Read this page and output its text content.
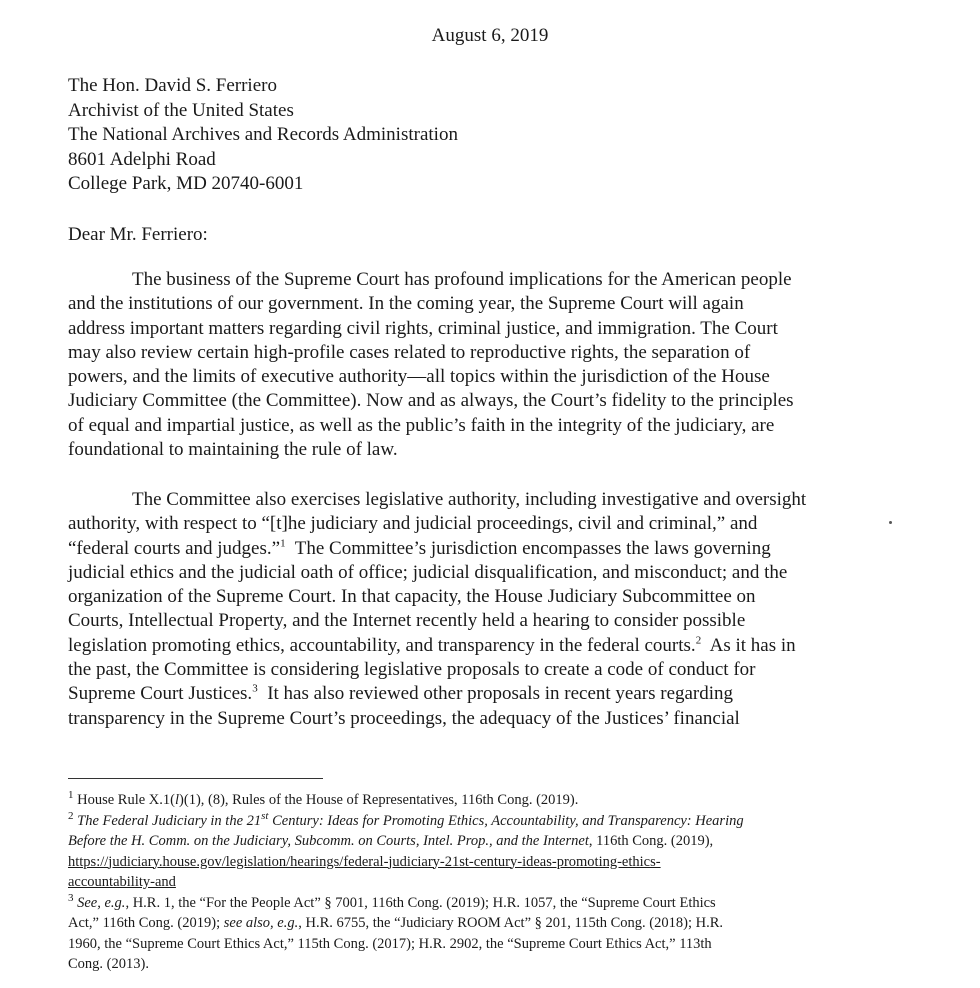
August 6, 2019
The Hon. David S. Ferriero
Archivist of the United States
The National Archives and Records Administration
8601 Adelphi Road
College Park, MD 20740-6001
Dear Mr. Ferriero:

The business of the Supreme Court has profound implications for the American people
and the institutions of our government. In the coming year, the Supreme Court will again
address important matters regarding civil rights, criminal justice, and immigration. The Court
may also review certain high-profile cases related to reproductive rights, the separation of
powers, and the limits of executive authority—all topics within the jurisdiction of the House
Judiciary Committee (the Committee). Now and as always, the Court’s fidelity to the principles
of equal and impartial justice, as well as the public’s faith in the integrity of the judiciary, are
foundational to maintaining the rule of law.

The Committee also exercises legislative authority, including investigative and oversight
authority, with respect to “[t]he judiciary and judicial proceedings, civil and criminal,” and
“federal courts and judges.”$^1$  The Committee’s jurisdiction encompasses the laws governing
judicial ethics and the judicial oath of office; judicial disqualification, and misconduct; and the
organization of the Supreme Court. In that capacity, the House Judiciary Subcommittee on
Courts, Intellectual Property, and the Internet recently held a hearing to consider possible
legislation promoting ethics, accountability, and transparency in the federal courts.$^2$  As it has in
the past, the Committee is considering legislative proposals to create a code of conduct for
Supreme Court Justices.$^3$  It has also reviewed other proposals in recent years regarding
transparency in the Supreme Court’s proceedings, the adequacy of the Justices’ financial

$^1$ House Rule X.1(l)(1), (8), Rules of the House of Representatives, 116th Cong. (2019).
$^2$ The Federal Judiciary in the 21st Century: Ideas for Promoting Ethics, Accountability, and Transparency: Hearing
Before the H. Comm. on the Judiciary, Subcomm. on Courts, Intel. Prop., and the Internet, 116th Cong. (2019),
https://judiciary.house.gov/legislation/hearings/federal-judiciary-21st-century-ideas-promoting-ethics-
accountability-and
$^3$ See, e.g., H.R. 1, the “For the People Act” § 7001, 116th Cong. (2019); H.R. 1057, the “Supreme Court Ethics
Act,” 116th Cong. (2019); see also, e.g., H.R. 6755, the “Judiciary ROOM Act” § 201, 115th Cong. (2018); H.R.
1960, the “Supreme Court Ethics Act,” 115th Cong. (2017); H.R. 2902, the “Supreme Court Ethics Act,” 113th
Cong. (2013).
